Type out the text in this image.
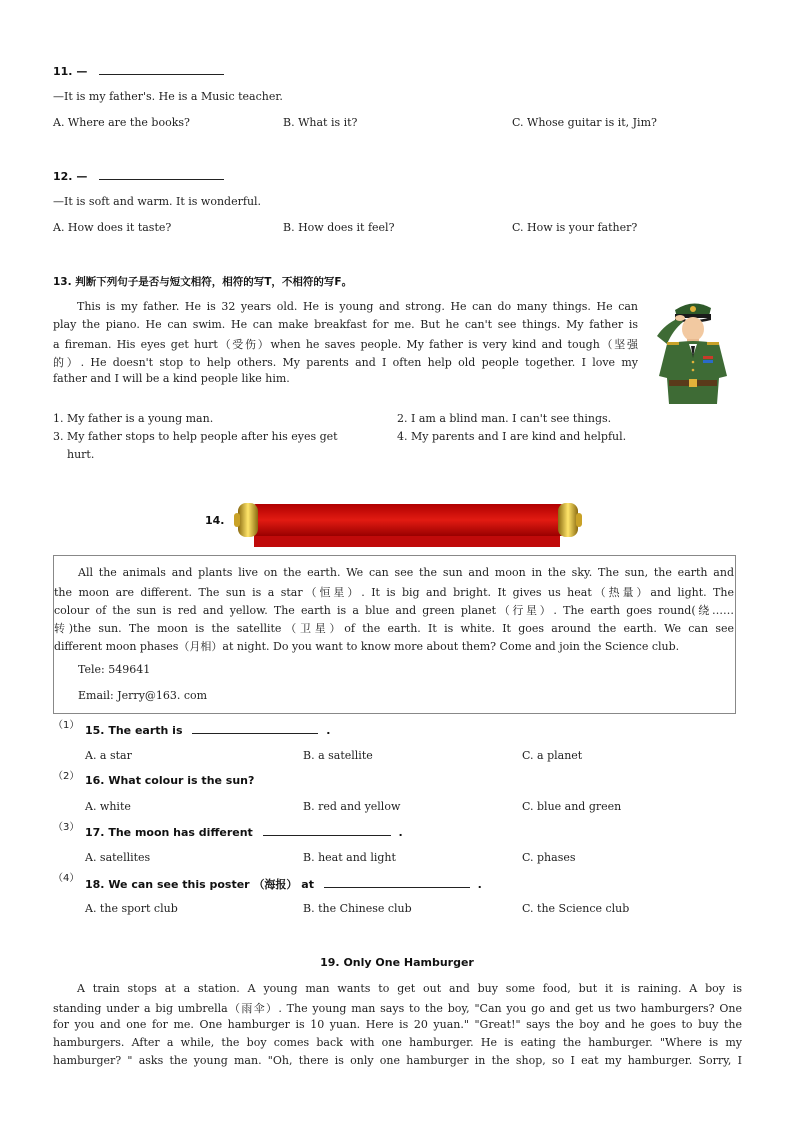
11. —
—It is my father's. He is a Music teacher.
A. Where are the books?	B. What is it?	C. Whose guitar is it, Jim?
12. —
—It is soft and warm. It is wonderful.
A. How does it taste?	B. How does it feel?	C. How is your father?
13. 判断下列句子是否与短文相符，相符的写T，不相符的写F。
This is my father. He is 32 years old. He is young and strong. He can do many things. He can
play the piano. He can swim. He can make breakfast for me. But he can't see things. My father is
a fireman. His eyes get hurt（受伤）when he saves people. My father is very kind and tough（坚强
的）. He doesn't stop to help others. My parents and I often help old people together. I love my
father and I will be a kind people like him.
1. My father is a young man.	2. I am a blind man. I can't see things.
3. My father stops to help people after his eyes get
hurt.
4. My parents and I are kind and helpful.
14.
All the animals and plants live on the earth. We can see the sun and moon in the sky. The sun, the earth and
the moon are different. The sun is a star（恒星）. It is big and bright. It gives us heat（热量）and light. The
colour of the sun is red and yellow. The earth is a blue and green planet（行星）. The earth goes round(绕……
转)the sun. The moon is the satellite（卫星）of the earth. It is white. It goes around the earth. We can see
different moon phases（月相）at night. Do you want to know more about them? Come and join the Science club.
Tele: 549641
Email: Jerry@163. com
（1） 15. The earth is	.
A. a star	B. a satellite	C. a planet
（2） 16. What colour is the sun?
A. white	B. red and yellow	C. blue and green
（3） 17. The moon has different	.
A. satellites	B. heat and light	C. phases
（4） 18. We can see this poster （海报） at	.
A. the sport club	B. the Chinese club	C. the Science club
19. Only One Hamburger
A train stops at a station. A young man wants to get out and buy some food, but it is raining. A boy is
standing under a big umbrella（雨伞）. The young man says to the boy, "Can you go and get us two hamburgers? One
for you and one for me. One hamburger is 10 yuan. Here is 20 yuan." "Great!" says the boy and he goes to buy the
hamburgers. After a while, the boy comes back with one hamburger. He is eating the hamburger. "Where is my
hamburger? " asks the young man. "Oh, there is only one hamburger in the shop, so I eat my hamburger. Sorry, I
